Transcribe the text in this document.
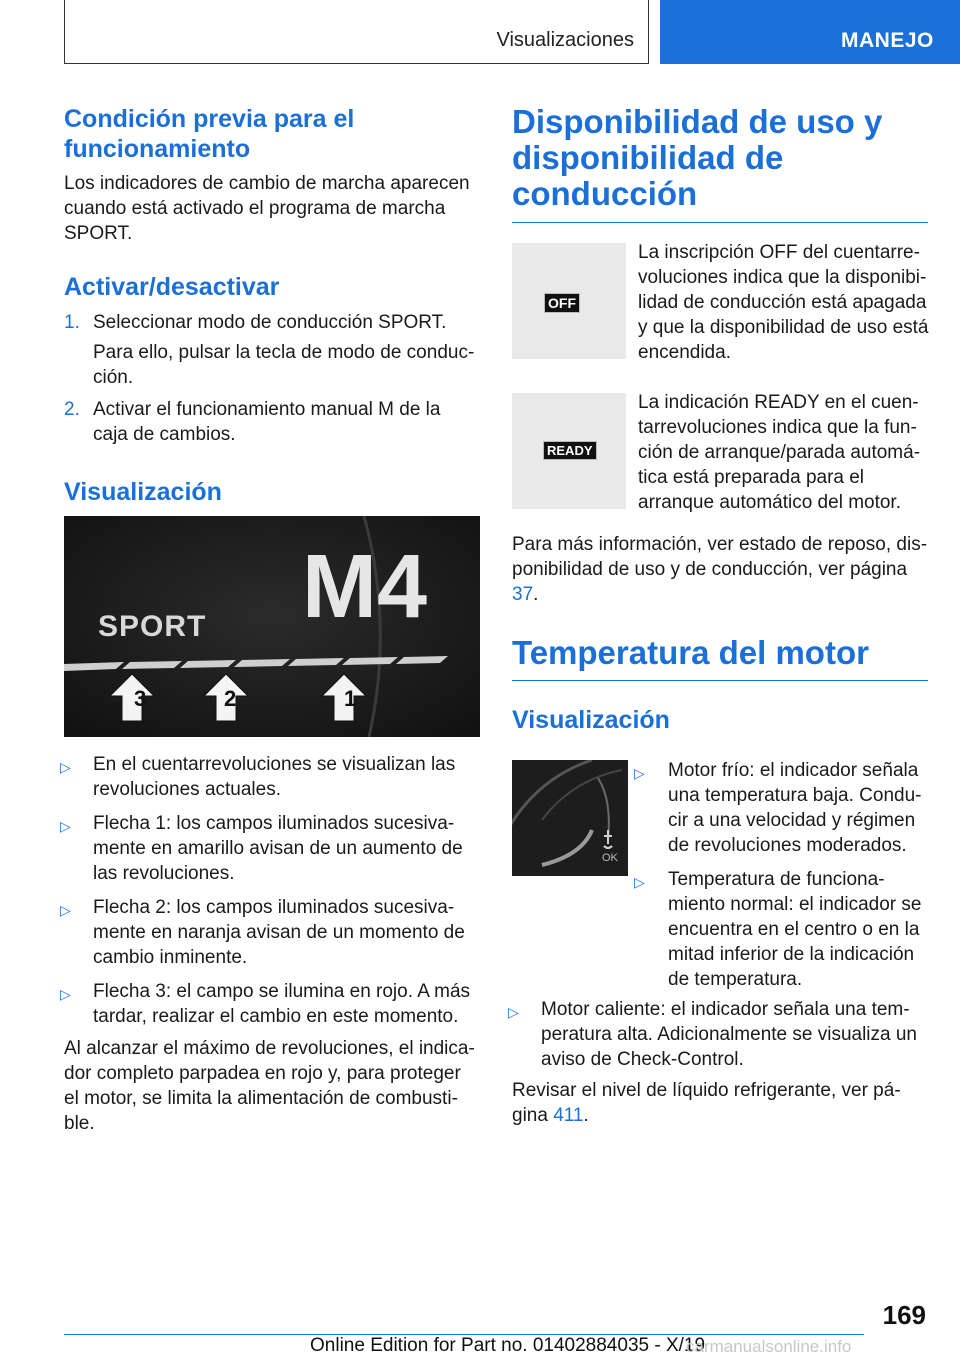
Visualizaciones	MANEJO
Condición previa para el funcionamiento

Los indicadores de cambio de marcha aparecen cuando está activado el programa de marcha SPORT.

Activar/desactivar
1. Seleccionar modo de conducción SPORT.
Para ello, pulsar la tecla de modo de conducción.
2. Activar el funcionamiento manual M de la caja de cambios.
Visualización
SPORT M4
3	2	1
▷ En el cuentarrevoluciones se visualizan las revoluciones actuales.
▷ Flecha 1: los campos iluminados sucesivamente en amarillo avisan de un aumento de las revoluciones.
▷ Flecha 2: los campos iluminados sucesivamente en naranja avisan de un momento de cambio inminente.
▷ Flecha 3: el campo se ilumina en rojo. A más tardar, realizar el cambio en este momento.

Al alcanzar el máximo de revoluciones, el indicador completo parpadea en rojo y, para proteger el motor, se limita la alimentación de combustible.

Disponibilidad de uso y disponibilidad de conducción
OFF

La inscripción OFF del cuentarrevoluciones indica que la disponibilidad de conducción está apagada y que la disponibilidad de uso está encendida.

READY

La indicación READY en el cuentarrevoluciones indica que la función de arranque/parada automática está preparada para el arranque automático del motor.

Para más información, ver estado de reposo, disponibilidad de uso y de conducción, ver página 37.

Temperatura del motor
Visualización
OK
▷ Motor frío: el indicador señala una temperatura baja. Conducir a una velocidad y régimen de revoluciones moderados.
▷ Temperatura de funcionamiento normal: el indicador se encuentra en el centro o en la mitad inferior de la indicación de temperatura.
▷ Motor caliente: el indicador señala una temperatura alta. Adicionalmente se visualiza un aviso de Check-Control.

Revisar el nivel de líquido refrigerante, ver página 411.

169
Online Edition for Part no. 01402884035 - X/19
carmanualsonline.info
